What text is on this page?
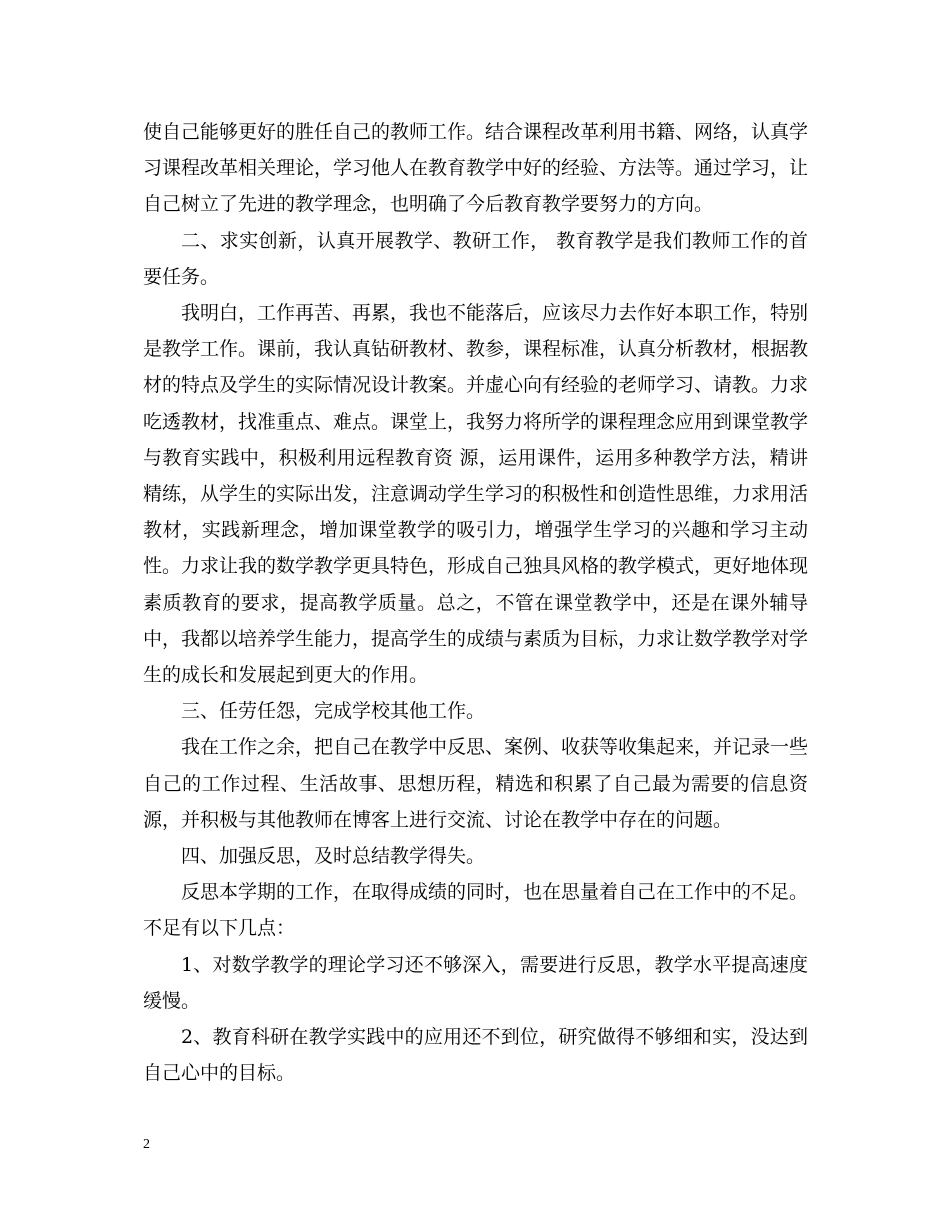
使自己能够更好的胜任自己的教师工作。结合课程改革利用书籍、网络，认真学习课程改革相关理论，学习他人在教育教学中好的经验、方法等。通过学习，让自己树立了先进的教学理念，也明确了今后教育教学要努力的方向。

二、求实创新，认真开展教学、教研工作， 教育教学是我们教师工作的首要任务。

我明白，工作再苦、再累，我也不能落后，应该尽力去作好本职工作，特别是教学工作。课前，我认真钻研教材、教参，课程标准，认真分析教材，根据教材的特点及学生的实际情况设计教案。并虚心向有经验的老师学习、请教。力求吃透教材，找准重点、难点。课堂上，我努力将所学的课程理念应用到课堂教学与教育实践中，积极利用远程教育资 源，运用课件，运用多种教学方法，精讲精练，从学生的实际出发，注意调动学生学习的积极性和创造性思维，力求用活教材，实践新理念，增加课堂教学的吸引力，增强学生学习的兴趣和学习主动性。力求让我的数学教学更具特色，形成自己独具风格的教学模式，更好地体现素质教育的要求，提高教学质量。总之，不管在课堂教学中，还是在课外辅导中，我都以培养学生能力，提高学生的成绩与素质为目标，力求让数学教学对学生的成长和发展起到更大的作用。

三、任劳任怨，完成学校其他工作。

我在工作之余，把自己在教学中反思、案例、收获等收集起来，并记录一些自己的工作过程、生活故事、思想历程，精选和积累了自己最为需要的信息资源，并积极与其他教师在博客上进行交流、讨论在教学中存在的问题。

四、加强反思，及时总结教学得失。

反思本学期的工作，在取得成绩的同时，也在思量着自己在工作中的不足。不足有以下几点：

1、对数学教学的理论学习还不够深入，需要进行反思，教学水平提高速度缓慢。

2、教育科研在教学实践中的应用还不到位，研究做得不够细和实，没达到自己心中的目标。

2
